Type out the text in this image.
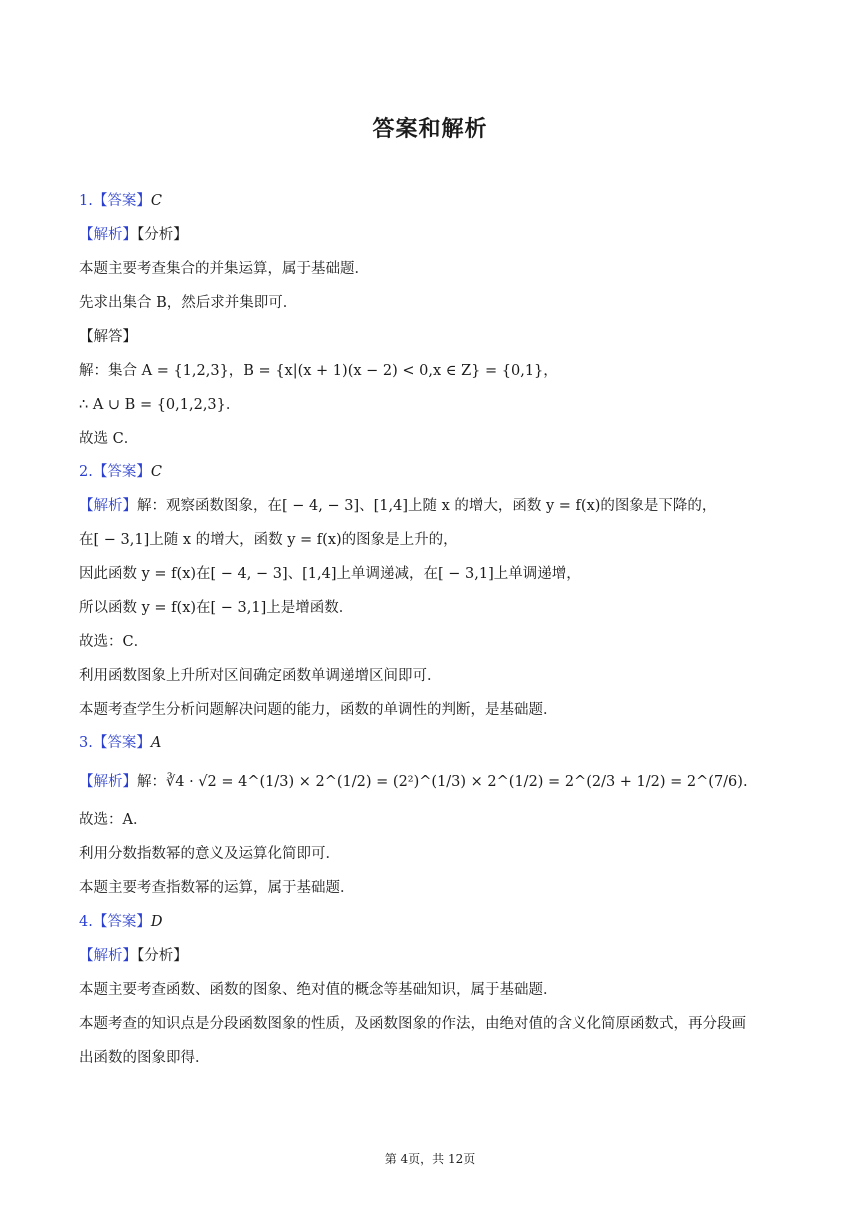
答案和解析
1.【答案】C
【解析】【分析】
本题主要考查集合的并集运算，属于基础题．
先求出集合 B，然后求并集即可．
【解答】
解：集合 A = {1,2,3}，B = {x|(x + 1)(x − 2) < 0,x ∈ Z} = {0,1}，
∴ A ∪ B = {0,1,2,3}．
故选 C．
2.【答案】C
【解析】解：观察函数图象，在[ − 4, − 3]、[1,4]上随 x 的增大，函数 y = f(x)的图象是下降的，
在[ − 3,1]上随 x 的增大，函数 y = f(x)的图象是上升的，
因此函数 y = f(x)在[ − 4, − 3]、[1,4]上单调递减，在[ − 3,1]上单调递增，
所以函数 y = f(x)在[ − 3,1]上是增函数．
故选：C．
利用函数图象上升所对区间确定函数单调递增区间即可．
本题考查学生分析问题解决问题的能力，函数的单调性的判断，是基础题．
3.【答案】A
【解析】解：∛4 · √2 = 4^(1/3) × 2^(1/2) = (2²)^(1/3) × 2^(1/2) = 2^(2/3 + 1/2) = 2^(7/6).
故选：A．
利用分数指数幂的意义及运算化简即可．
本题主要考查指数幂的运算，属于基础题．
4.【答案】D
【解析】【分析】
本题主要考查函数、函数的图象、绝对值的概念等基础知识，属于基础题．
本题考查的知识点是分段函数图象的性质，及函数图象的作法，由绝对值的含义化简原函数式，再分段画
出函数的图象即得．
第 4页，共 12页
